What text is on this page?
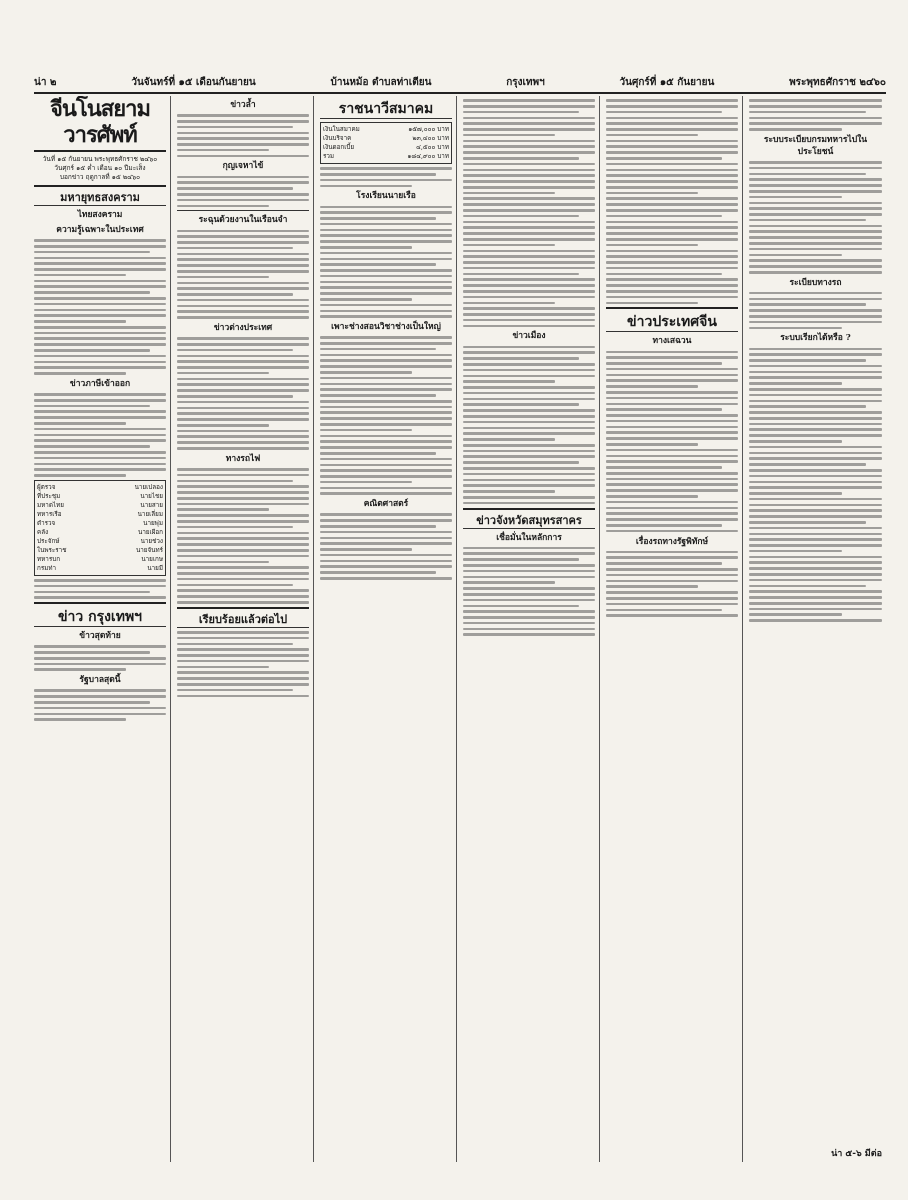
น่า ๒	วันจันทร์ที่ ๑๕ เดือนกันยายน	บ้านหม้อ ตำบลท่าเตียน	กรุงเทพฯ	วันศุกร์ที่ ๑๕ กันยายน	พระพุทธศักราช ๒๔๖๐
จีนโนสยามวารศัพท์
วันที่ ๑๕ กันยายน พระพุทธศักราช ๒๔๖๐
วันศุกร์ ๑๕ ค่ำ เดือน ๑๐ ปีมะเส็ง
บอกข่าว ฤดูกาลที่ ๑๕ ๒๔๖๐
มหายุทธสงคราม
ไทยสงคราม
ความรู้เฉพาะในประเทศ
ข่าวภาษีเข้าออก
ผู้ตรวจ	นายเปลอง
ที่ประชุม	นายไชย
มหาดไทย	นายสาย
ทหารเรือ	นายเลี่ยม
ตำรวจ	นายพุ่ม
คลัง	นายเผือก
ประจักษ์	นายช่วง
ในพระราช	นายจันทร์
ทหารบก	นายเกษ
กรมท่า	นายมี
ข่าว กรุงเทพฯ
ข้าวสุดท้าย
รัฐบาลสุดนี้
ข่าวล้ำ
กุญเจหาไข้
ระฉุนด้วยงานในเรือนจำ
ข่าวต่างประเทศ
ทางรถไฟ
เรียบร้อยแล้วต่อไป
ราชนาวีสมาคม
เงินในสมาคม	๑๕๗,๐๐๐ บาท
เงินบริจาค	๒๓,๔๐๐ บาท
เงินดอกเบี้ย	๔,๕๐๐ บาท
รวม	๑๘๔,๙๐๐ บาท
โรงเรียนนายเรือ
เพาะช่างสอนวิชาช่างเป็นใหญ่
คณิตศาสตร์
ข่าวเมือง
ข่าวจังหวัดสมุทรสาคร
เชื่อมั่นในหลักการ
ข่าวประเทศจีน
ทางเสฉวน
เรื่องรถทางรัฐพิทักษ์
ระบบระเบียบกรมทหารไปในประโยชน์
ระเบียบทางรถ
ระบบเรียกได้หรือ ?
น่า ๕-๖ มีต่อ
